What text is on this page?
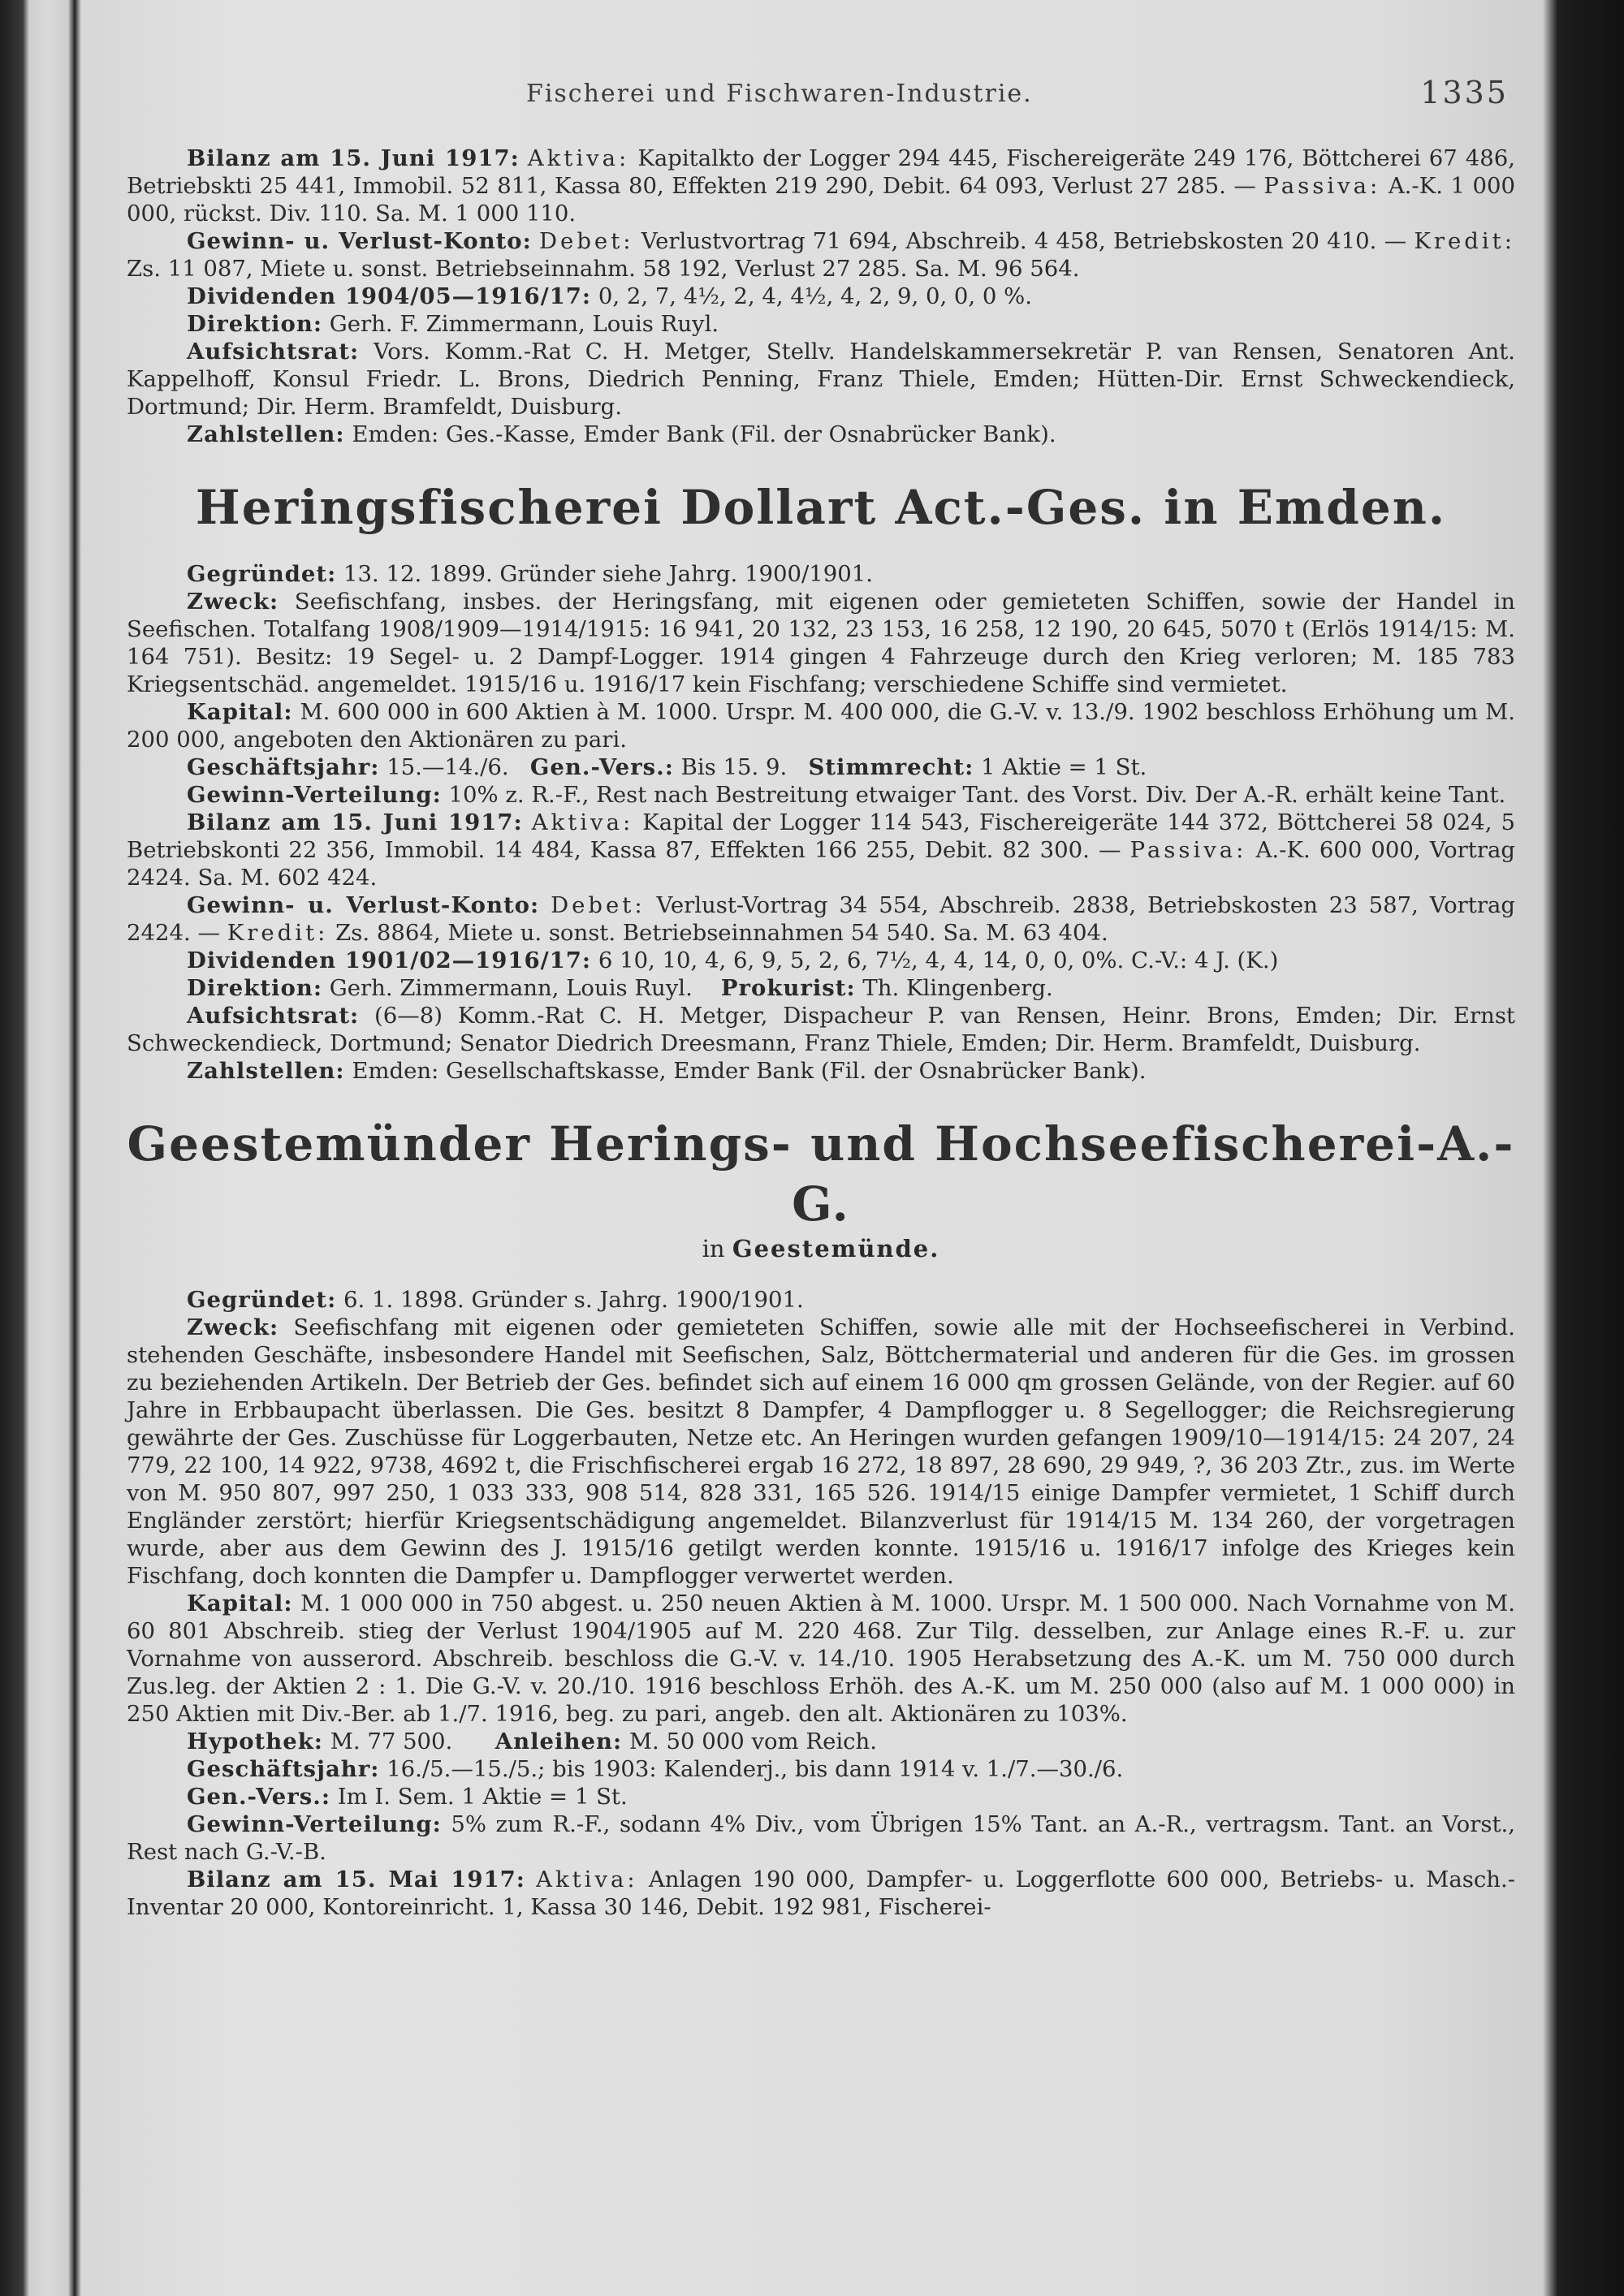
Fischerei und Fischwaren-Industrie.	1335

Bilanz am 15. Juni 1917: Aktiva: Kapitalkto der Logger 294 445, Fischereigeräte 249 176, Böttcherei 67 486, Betriebskti 25 441, Immobil. 52 811, Kassa 80, Effekten 219 290, Debit. 64 093, Verlust 27 285. — Passiva: A.-K. 1 000 000, rückst. Div. 110. Sa. M. 1 000 110.

Gewinn- u. Verlust-Konto: Debet: Verlustvortrag 71 694, Abschreib. 4 458, Betriebskosten 20 410. — Kredit: Zs. 11 087, Miete u. sonst. Betriebseinnahm. 58 192, Verlust 27 285. Sa. M. 96 564.

Dividenden 1904/05—1916/17: 0, 2, 7, 4½, 2, 4, 4½, 4, 2, 9, 0, 0, 0 %.

Direktion: Gerh. F. Zimmermann, Louis Ruyl.

Aufsichtsrat: Vors. Komm.-Rat C. H. Metger, Stellv. Handelskammersekretär P. van Rensen, Senatoren Ant. Kappelhoff, Konsul Friedr. L. Brons, Diedrich Penning, Franz Thiele, Emden; Hütten-Dir. Ernst Schweckendieck, Dortmund; Dir. Herm. Bramfeldt, Duisburg.

Zahlstellen: Emden: Ges.-Kasse, Emder Bank (Fil. der Osnabrücker Bank).

Heringsfischerei Dollart Act.-Ges. in Emden.

Gegründet: 13. 12. 1899. Gründer siehe Jahrg. 1900/1901.

Zweck: Seefischfang, insbes. der Heringsfang, mit eigenen oder gemieteten Schiffen, sowie der Handel in Seefischen. Totalfang 1908/1909—1914/1915: 16 941, 20 132, 23 153, 16 258, 12 190, 20 645, 5070 t (Erlös 1914/15: M. 164 751). Besitz: 19 Segel- u. 2 Dampf-Logger. 1914 gingen 4 Fahrzeuge durch den Krieg verloren; M. 185 783 Kriegsentschäd. angemeldet. 1915/16 u. 1916/17 kein Fischfang; verschiedene Schiffe sind vermietet.

Kapital: M. 600 000 in 600 Aktien à M. 1000. Urspr. M. 400 000, die G.-V. v. 13./9. 1902 beschloss Erhöhung um M. 200 000, angeboten den Aktionären zu pari.

Geschäftsjahr: 15.—14./6. Gen.-Vers.: Bis 15. 9. Stimmrecht: 1 Aktie = 1 St.

Gewinn-Verteilung: 10% z. R.-F., Rest nach Bestreitung etwaiger Tant. des Vorst. Div. Der A.-R. erhält keine Tant.

Bilanz am 15. Juni 1917: Aktiva: Kapital der Logger 114 543, Fischereigeräte 144 372, Böttcherei 58 024, 5 Betriebskonti 22 356, Immobil. 14 484, Kassa 87, Effekten 166 255, Debit. 82 300. — Passiva: A.-K. 600 000, Vortrag 2424. Sa. M. 602 424.

Gewinn- u. Verlust-Konto: Debet: Verlust-Vortrag 34 554, Abschreib. 2838, Betriebskosten 23 587, Vortrag 2424. — Kredit: Zs. 8864, Miete u. sonst. Betriebseinnahmen 54 540. Sa. M. 63 404.

Dividenden 1901/02—1916/17: 6 10, 10, 4, 6, 9, 5, 2, 6, 7½, 4, 4, 14, 0, 0, 0%. C.-V.: 4 J. (K.)

Direktion: Gerh. Zimmermann, Louis Ruyl. Prokurist: Th. Klingenberg.

Aufsichtsrat: (6—8) Komm.-Rat C. H. Metger, Dispacheur P. van Rensen, Heinr. Brons, Emden; Dir. Ernst Schweckendieck, Dortmund; Senator Diedrich Dreesmann, Franz Thiele, Emden; Dir. Herm. Bramfeldt, Duisburg.

Zahlstellen: Emden: Gesellschaftskasse, Emder Bank (Fil. der Osnabrücker Bank).

Geestemünder Herings- und Hochseefischerei-A.-G.

in Geestemünde.

Gegründet: 6. 1. 1898. Gründer s. Jahrg. 1900/1901.

Zweck: Seefischfang mit eigenen oder gemieteten Schiffen, sowie alle mit der Hochseefischerei in Verbind. stehenden Geschäfte, insbesondere Handel mit Seefischen, Salz, Böttchermaterial und anderen für die Ges. im grossen zu beziehenden Artikeln. Der Betrieb der Ges. befindet sich auf einem 16 000 qm grossen Gelände, von der Regier. auf 60 Jahre in Erbbaupacht überlassen. Die Ges. besitzt 8 Dampfer, 4 Dampflogger u. 8 Segellogger; die Reichsregierung gewährte der Ges. Zuschüsse für Loggerbauten, Netze etc. An Heringen wurden gefangen 1909/10—1914/15: 24 207, 24 779, 22 100, 14 922, 9738, 4692 t, die Frischfischerei ergab 16 272, 18 897, 28 690, 29 949, ?, 36 203 Ztr., zus. im Werte von M. 950 807, 997 250, 1 033 333, 908 514, 828 331, 165 526. 1914/15 einige Dampfer vermietet, 1 Schiff durch Engländer zerstört; hierfür Kriegsentschädigung angemeldet. Bilanzverlust für 1914/15 M. 134 260, der vorgetragen wurde, aber aus dem Gewinn des J. 1915/16 getilgt werden konnte. 1915/16 u. 1916/17 infolge des Krieges kein Fischfang, doch konnten die Dampfer u. Dampflogger verwertet werden.

Kapital: M. 1 000 000 in 750 abgest. u. 250 neuen Aktien à M. 1000. Urspr. M. 1 500 000. Nach Vornahme von M. 60 801 Abschreib. stieg der Verlust 1904/1905 auf M. 220 468. Zur Tilg. desselben, zur Anlage eines R.-F. u. zur Vornahme von ausserord. Abschreib. beschloss die G.-V. v. 14./10. 1905 Herabsetzung des A.-K. um M. 750 000 durch Zus.leg. der Aktien 2 : 1. Die G.-V. v. 20./10. 1916 beschloss Erhöh. des A.-K. um M. 250 000 (also auf M. 1 000 000) in 250 Aktien mit Div.-Ber. ab 1./7. 1916, beg. zu pari, angeb. den alt. Aktionären zu 103%.

Hypothek: M. 77 500. Anleihen: M. 50 000 vom Reich.

Geschäftsjahr: 16./5.—15./5.; bis 1903: Kalenderj., bis dann 1914 v. 1./7.—30./6.

Gen.-Vers.: Im I. Sem. 1 Aktie = 1 St.

Gewinn-Verteilung: 5% zum R.-F., sodann 4% Div., vom Übrigen 15% Tant. an A.-R., vertragsm. Tant. an Vorst., Rest nach G.-V.-B.

Bilanz am 15. Mai 1917: Aktiva: Anlagen 190 000, Dampfer- u. Loggerflotte 600 000, Betriebs- u. Masch.-Inventar 20 000, Kontoreinricht. 1, Kassa 30 146, Debit. 192 981, Fischerei-
